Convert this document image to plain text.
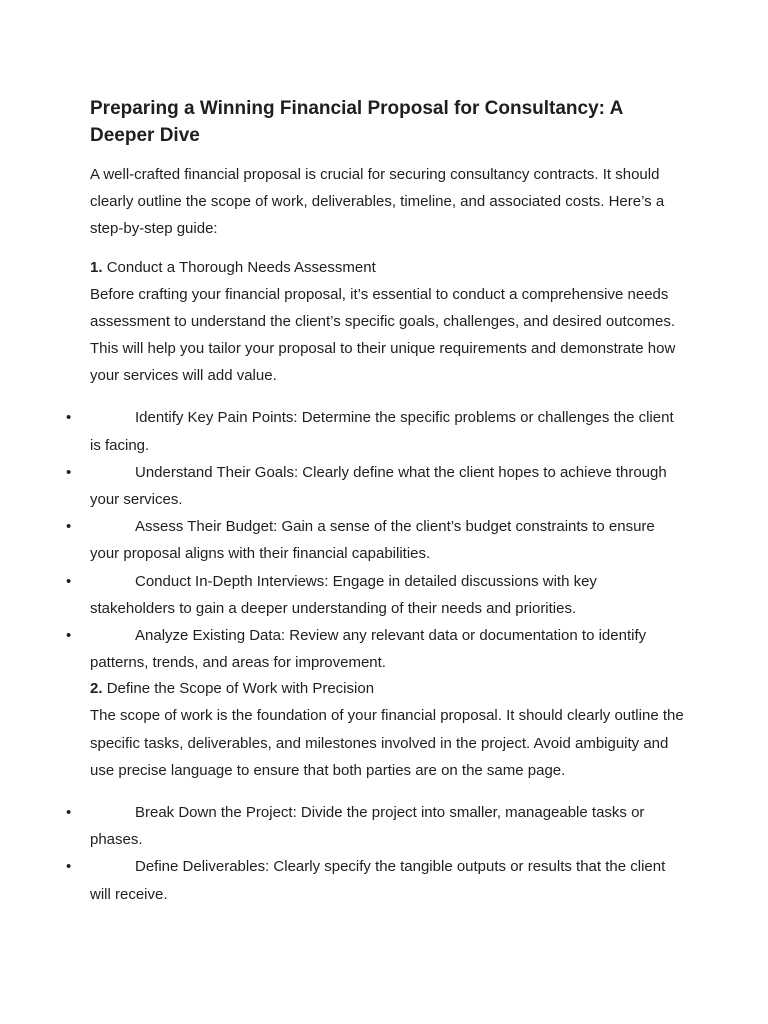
Preparing a Winning Financial Proposal for Consultancy: A Deeper Dive

A well-crafted financial proposal is crucial for securing consultancy contracts. It should clearly outline the scope of work, deliverables, timeline, and associated costs. Here’s a step-by-step guide:

1. Conduct a Thorough Needs Assessment

Before crafting your financial proposal, it’s essential to conduct a comprehensive needs assessment to understand the client’s specific goals, challenges, and desired outcomes. This will help you tailor your proposal to their unique requirements and demonstrate how your services will add value.

•	Identify Key Pain Points: Determine the specific problems or challenges the client is facing.
•	Understand Their Goals: Clearly define what the client hopes to achieve through your services.
•	Assess Their Budget: Gain a sense of the client’s budget constraints to ensure your proposal aligns with their financial capabilities.
•	Conduct In-Depth Interviews: Engage in detailed discussions with key stakeholders to gain a deeper understanding of their needs and priorities.
•	Analyze Existing Data: Review any relevant data or documentation to identify patterns, trends, and areas for improvement.

2. Define the Scope of Work with Precision

The scope of work is the foundation of your financial proposal. It should clearly outline the specific tasks, deliverables, and milestones involved in the project. Avoid ambiguity and use precise language to ensure that both parties are on the same page.

•	Break Down the Project: Divide the project into smaller, manageable tasks or phases.
•	Define Deliverables: Clearly specify the tangible outputs or results that the client will receive.
